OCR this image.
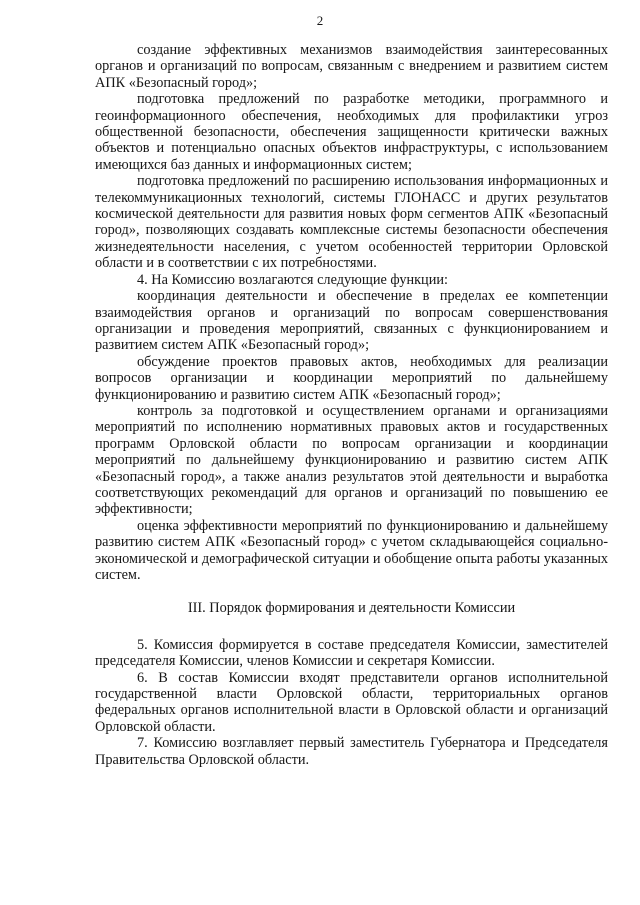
2

создание эффективных механизмов взаимодействия заинтересованных органов и организаций по вопросам, связанным с внедрением и развитием систем АПК «Безопасный город»;

подготовка предложений по разработке методики, программного и геоинформационного обеспечения, необходимых для профилактики угроз общественной безопасности, обеспечения защищенности критически важных объектов и потенциально опасных объектов инфраструктуры, с использованием имеющихся баз данных и информационных систем;

подготовка предложений по расширению использования информационных и телекоммуникационных технологий, системы ГЛОНАСС и других результатов космической деятельности для развития новых форм сегментов АПК «Безопасный город», позволяющих создавать комплексные системы безопасности обеспечения жизнедеятельности населения, с учетом особенностей территории Орловской области и в соответствии с их потребностями.

4. На Комиссию возлагаются следующие функции:

координация деятельности и обеспечение в пределах ее компетенции взаимодействия органов и организаций по вопросам совершенствования организации и проведения мероприятий, связанных с функционированием и развитием систем АПК «Безопасный город»;

обсуждение проектов правовых актов, необходимых для реализации вопросов организации и координации мероприятий по дальнейшему функционированию и развитию систем АПК «Безопасный город»;

контроль за подготовкой и осуществлением органами и организациями мероприятий по исполнению нормативных правовых актов и государственных программ Орловской области по вопросам организации и координации мероприятий по дальнейшему функционированию и развитию систем АПК «Безопасный город», а также анализ результатов этой деятельности и выработка соответствующих рекомендаций для органов и организаций по повышению ее эффективности;

оценка эффективности мероприятий по функционированию и дальнейшему развитию систем АПК «Безопасный город» с учетом складывающейся социально-экономической и демографической ситуации и обобщение опыта работы указанных систем.

III. Порядок формирования и деятельности Комиссии

5. Комиссия формируется в составе председателя Комиссии, заместителей председателя Комиссии, членов Комиссии и секретаря Комиссии.

6. В состав Комиссии входят представители органов исполнительной государственной власти Орловской области, территориальных органов федеральных органов исполнительной власти в Орловской области и организаций Орловской области.

7. Комиссию возглавляет первый заместитель Губернатора и Председателя Правительства Орловской области.
